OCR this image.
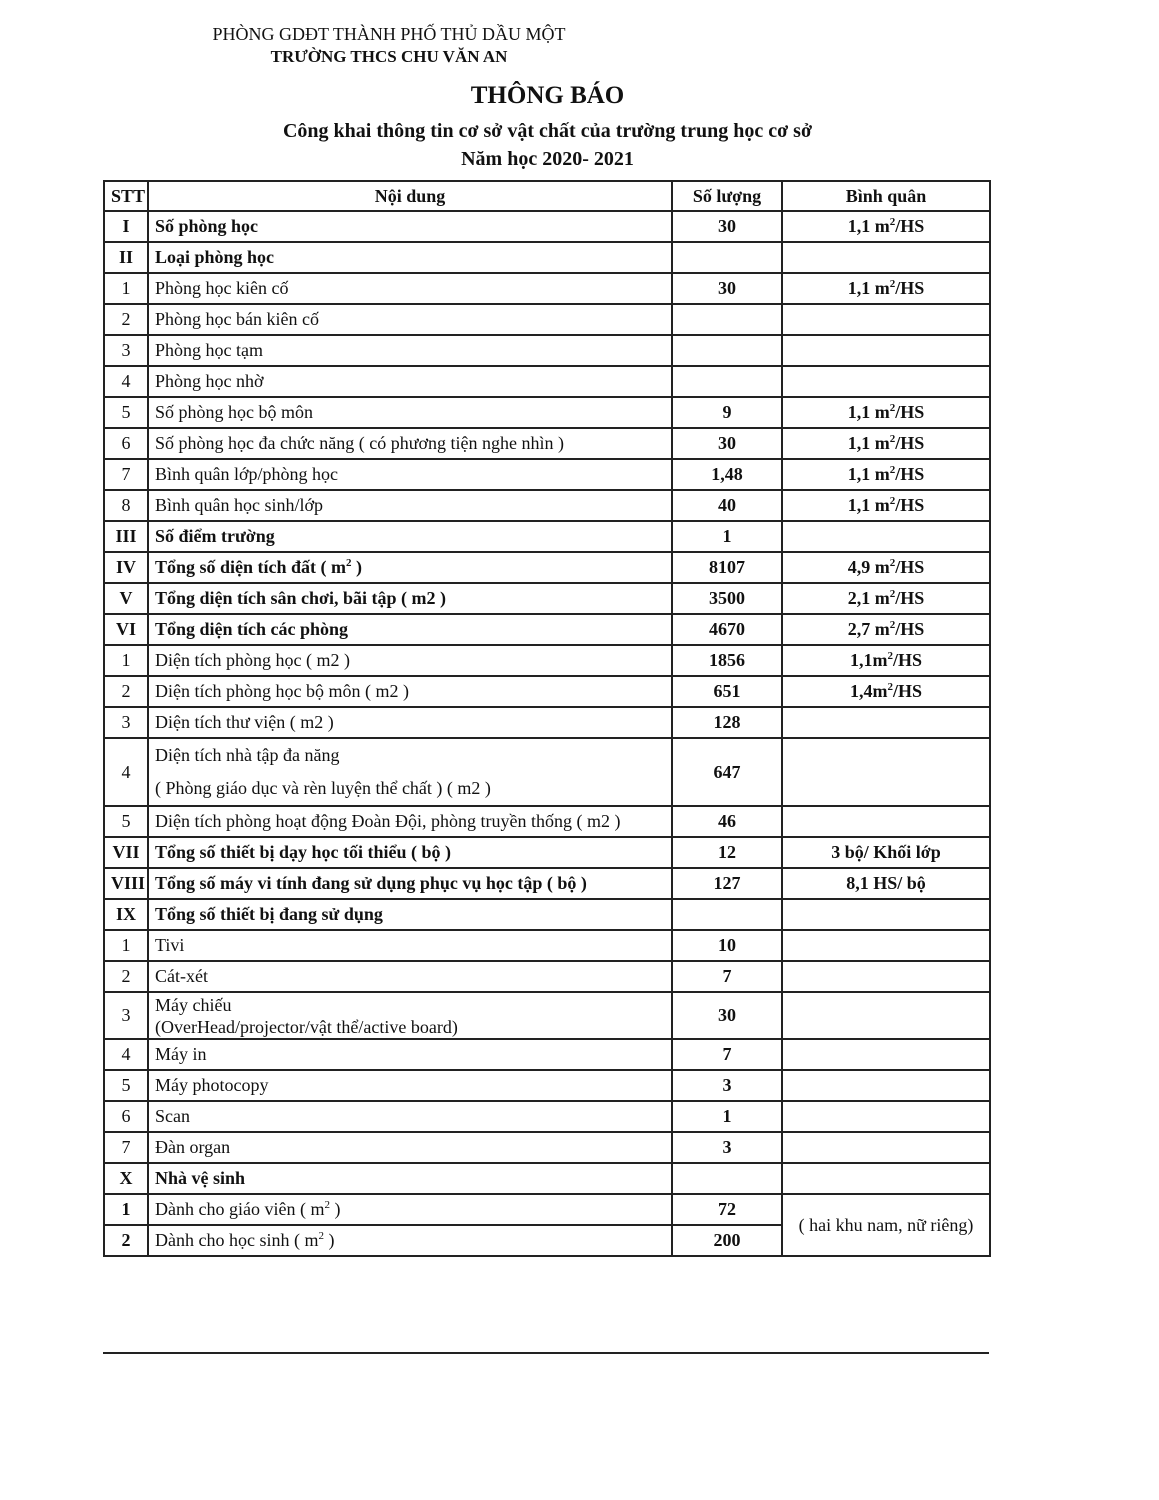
PHÒNG GDĐT THÀNH PHỐ THỦ DẦU MỘT
TRƯỜNG THCS CHU VĂN AN
THÔNG BÁO
Công khai thông tin cơ sở vật chất của trường trung học cơ sở
Năm học 2020- 2021
STT	Nội dung	Số lượng	Bình quân
I	Số phòng học	30	1,1 $m^2/HS$
II	Loại phòng học		
1	Phòng học kiên cố	30	1,1 $m^2/HS$
2	Phòng học bán kiên cố		
3	Phòng học tạm		
4	Phòng học nhờ		
5	Số phòng học bộ môn	9	1,1 $m^2/HS$
6	Số phòng học đa chức năng ( có phương tiện nghe nhìn )	30	1,1 $m^2/HS$
7	Bình quân lớp/phòng học	1,48	1,1 $m^2/HS$
8	Bình quân học sinh/lớp	40	1,1 $m^2/HS$
III	Số điểm trường	1	
IV	Tổng số diện tích đất ( $m^2$ )	8107	4,9 $m^2/HS$
V	Tổng diện tích sân chơi, bãi tập ( m2 )	3500	2,1 $m^2/HS$
VI	Tổng diện tích các phòng	4670	2,7 $m^2/HS$
1	Diện tích phòng học ( m2 )	1856	$1,1m^2/HS$
2	Diện tích phòng học bộ môn ( m2 )	651	$1,4m^2/HS$
3	Diện tích thư viện ( m2 )	128	
4	Diện tích nhà tập đa năng
( Phòng giáo dục và rèn luyện thể chất ) ( m2 )	647	
5	Diện tích phòng hoạt động Đoàn Đội, phòng truyền thống ( m2 )	46	
VII	Tổng số thiết bị dạy học tối thiểu ( bộ )	12	3 bộ/ Khối lớp
VIII	Tổng số máy vi tính đang sử dụng phục vụ học tập ( bộ )	127	8,1 HS/ bộ
IX	Tổng số thiết bị đang sử dụng		
1	Tivi	10	
2	Cát-xét	7	
3	Máy chiếu
(OverHead/projector/vật thể/active board)	30	
4	Máy in	7	
5	Máy photocopy	3	
6	Scan	1	
7	Đàn organ	3	
X	Nhà vệ sinh		
1	Dành cho giáo viên ( $m^2$ )	72	( hai khu nam, nữ riêng)
2	Dành cho học sinh ( $m^2$ )	200	
